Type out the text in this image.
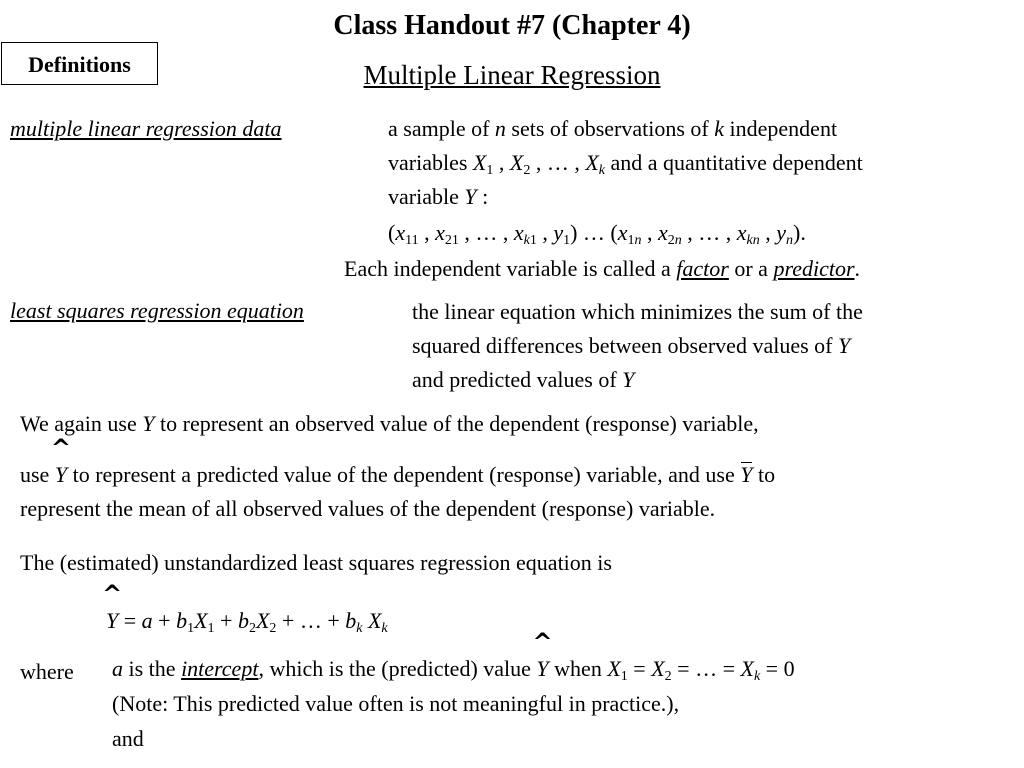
Class Handout #7 (Chapter 4)
Definitions	Multiple Linear Regression
multiple linear regression data	a sample of n sets of observations of k independent
variables $X_1$ , $X_2$ , … , $X_k$ and a quantitative dependent
variable Y :
($x_{11}$ , $x_{21}$ , … , $x_{k1}$ , $y_1$) … ($x_{1n}$ , $x_{2n}$ , … , $x_{kn}$ , $y_n$).
Each independent variable is called a factor or a predictor.
least squares regression equation	the linear equation which minimizes the sum of the
squared differences between observed values of Y
and predicted values of Y
We again use Y to represent an observed value of the dependent (response) variable,
use
^
Y to represent a predicted value of the dependent (response) variable, and use
Y to
represent the mean of all observed values of the dependent (response) variable.
The (estimated) unstandardized least squares regression equation is
^
$Y = a + b_1X_1 + b_2X_2$ + … + $b_k$ $X_k$
where a is the intercept, which is the (predicted) value
^
Y when $X_1 = X_2$ = … = $X_k = 0$
(Note: This predicted value often is not meaningful in practice.),
and
